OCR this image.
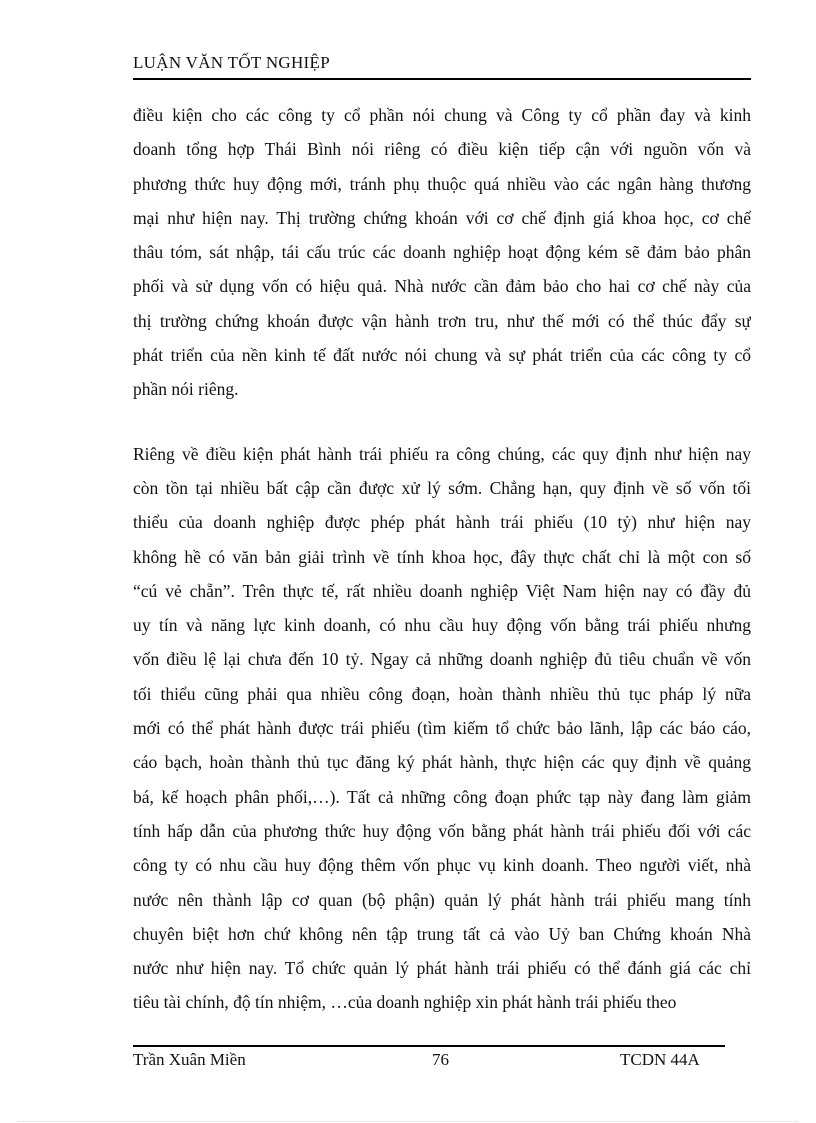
LUẬN VĂN TỐT NGHIỆP
điều kiện cho các công ty cổ phần nói chung và Công ty cổ phần đay và kinh
doanh tổng hợp Thái Bình nói riêng có điều kiện tiếp cận với nguồn vốn và
phương thức huy động mới, tránh phụ thuộc quá nhiều vào các ngân hàng thương
mại như hiện nay. Thị trường chứng khoán với cơ chế định giá khoa học, cơ chế
thâu tóm, sát nhập, tái cấu trúc các doanh nghiệp hoạt động kém sẽ đảm bảo phân
phối và sử dụng vốn có hiệu quả. Nhà nước cần đảm bảo cho hai cơ chế này của
thị trường chứng khoán được vận hành trơn tru, như thế mới có thể thúc đẩy sự
phát triển của nền kinh tế đất nước nói chung và sự phát triển của các công ty cổ
phần nói riêng.
Riêng về điều kiện phát hành trái phiếu ra công chúng, các quy định như hiện nay
còn tồn tại nhiều bất cập cần được xử lý sớm. Chẳng hạn, quy định về số vốn tối
thiểu của doanh nghiệp được phép phát hành trái phiếu (10 tỷ) như hiện nay
không hề có văn bản giải trình về tính khoa học, đây thực chất chỉ là một con số
“cú vẻ chẵn”. Trên thực tế, rất nhiều doanh nghiệp Việt Nam hiện nay có đầy đủ
uy tín và năng lực kinh doanh, có nhu cầu huy động vốn bằng trái phiếu nhưng
vốn điều lệ lại chưa đến 10 tỷ. Ngay cả những doanh nghiệp đủ tiêu chuẩn về vốn
tối thiểu cũng phải qua nhiều công đoạn, hoàn thành nhiều thủ tục pháp lý nữa
mới có thể phát hành được trái phiếu (tìm kiếm tổ chức bảo lãnh, lập các báo cáo,
cáo bạch, hoàn thành thủ tục đăng ký phát hành, thực hiện các quy định về quảng
bá, kế hoạch phân phối,…). Tất cả những công đoạn phức tạp này đang làm giảm
tính hấp dẫn của phương thức huy động vốn bằng phát hành trái phiếu đối với các
công ty có nhu cầu huy động thêm vốn phục vụ kinh doanh. Theo người viết, nhà
nước nên thành lập cơ quan (bộ phận) quản lý phát hành trái phiếu mang tính
chuyên biệt hơn chứ không nên tập trung tất cả vào Uỷ ban Chứng khoán Nhà
nước như hiện nay. Tổ chức quản lý phát hành trái phiếu có thể đánh giá các chỉ
tiêu tài chính, độ tín nhiệm, …của doanh nghiệp xin phát hành trái phiếu theo
Trần Xuân Miền	76	TCDN 44A
